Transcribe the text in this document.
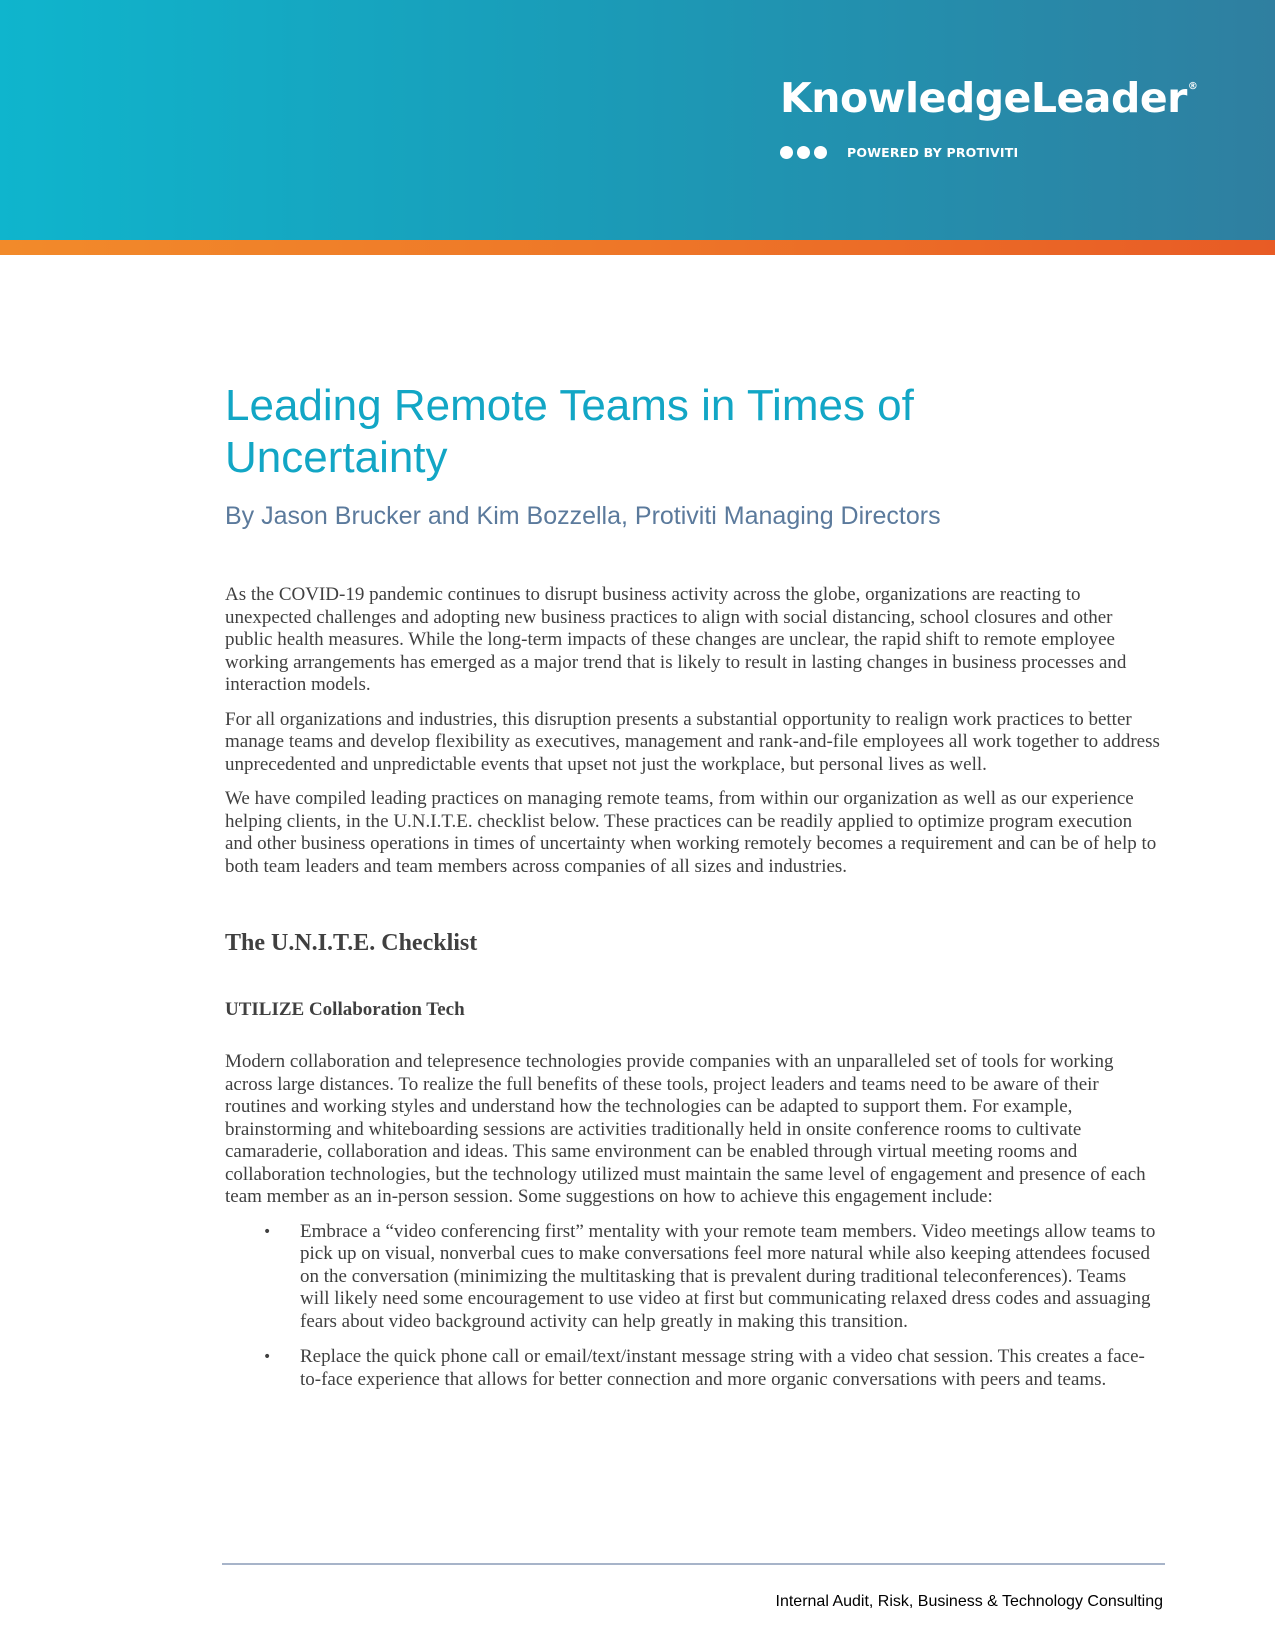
KnowledgeLeader®
POWERED BY PROTIVITI
Leading Remote Teams in Times of Uncertainty

By Jason Brucker and Kim Bozzella, Protiviti Managing Directors

As the COVID-19 pandemic continues to disrupt business activity across the globe, organizations are reacting to unexpected challenges and adopting new business practices to align with social distancing, school closures and other public health measures. While the long-term impacts of these changes are unclear, the rapid shift to remote employee working arrangements has emerged as a major trend that is likely to result in lasting changes in business processes and interaction models.

For all organizations and industries, this disruption presents a substantial opportunity to realign work practices to better manage teams and develop flexibility as executives, management and rank-and-file employees all work together to address unprecedented and unpredictable events that upset not just the workplace, but personal lives as well.

We have compiled leading practices on managing remote teams, from within our organization as well as our experience helping clients, in the U.N.I.T.E. checklist below. These practices can be readily applied to optimize program execution and other business operations in times of uncertainty when working remotely becomes a requirement and can be of help to both team leaders and team members across companies of all sizes and industries.

The U.N.I.T.E. Checklist
UTILIZE Collaboration Tech

Modern collaboration and telepresence technologies provide companies with an unparalleled set of tools for working across large distances. To realize the full benefits of these tools, project leaders and teams need to be aware of their routines and working styles and understand how the technologies can be adapted to support them. For example, brainstorming and whiteboarding sessions are activities traditionally held in onsite conference rooms to cultivate camaraderie, collaboration and ideas. This same environment can be enabled through virtual meeting rooms and collaboration technologies, but the technology utilized must maintain the same level of engagement and presence of each team member as an in-person session. Some suggestions on how to achieve this engagement include:

• Embrace a “video conferencing first” mentality with your remote team members. Video meetings allow teams to pick up on visual, nonverbal cues to make conversations feel more natural while also keeping attendees focused on the conversation (minimizing the multitasking that is prevalent during traditional teleconferences). Teams will likely need some encouragement to use video at first but communicating relaxed dress codes and assuaging fears about video background activity can help greatly in making this transition.
• Replace the quick phone call or email/text/instant message string with a video chat session. This creates a face-to-face experience that allows for better connection and more organic conversations with peers and teams.
Internal Audit, Risk, Business & Technology Consulting
